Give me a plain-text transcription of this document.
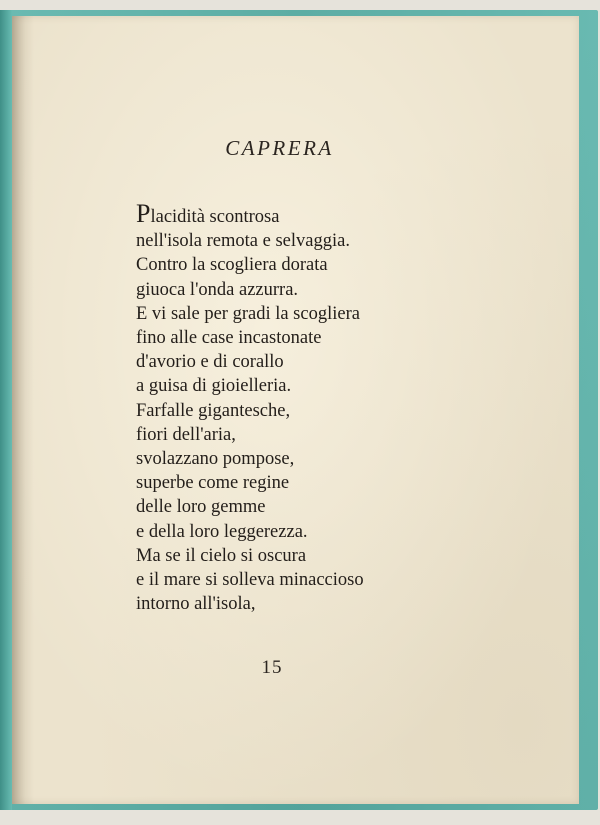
CAPRERA
Placidità scontrosa
nell'isola remota e selvaggia.
Contro la scogliera dorata
giuoca l'onda azzurra.
E vi sale per gradi la scogliera
fino alle case incastonate
d'avorio e di corallo
a guisa di gioielleria.
Farfalle gigantesche,
fiori dell'aria,
svolazzano pompose,
superbe come regine
delle loro gemme
e della loro leggerezza.
Ma se il cielo si oscura
e il mare si solleva minaccioso
intorno all'isola,
15
